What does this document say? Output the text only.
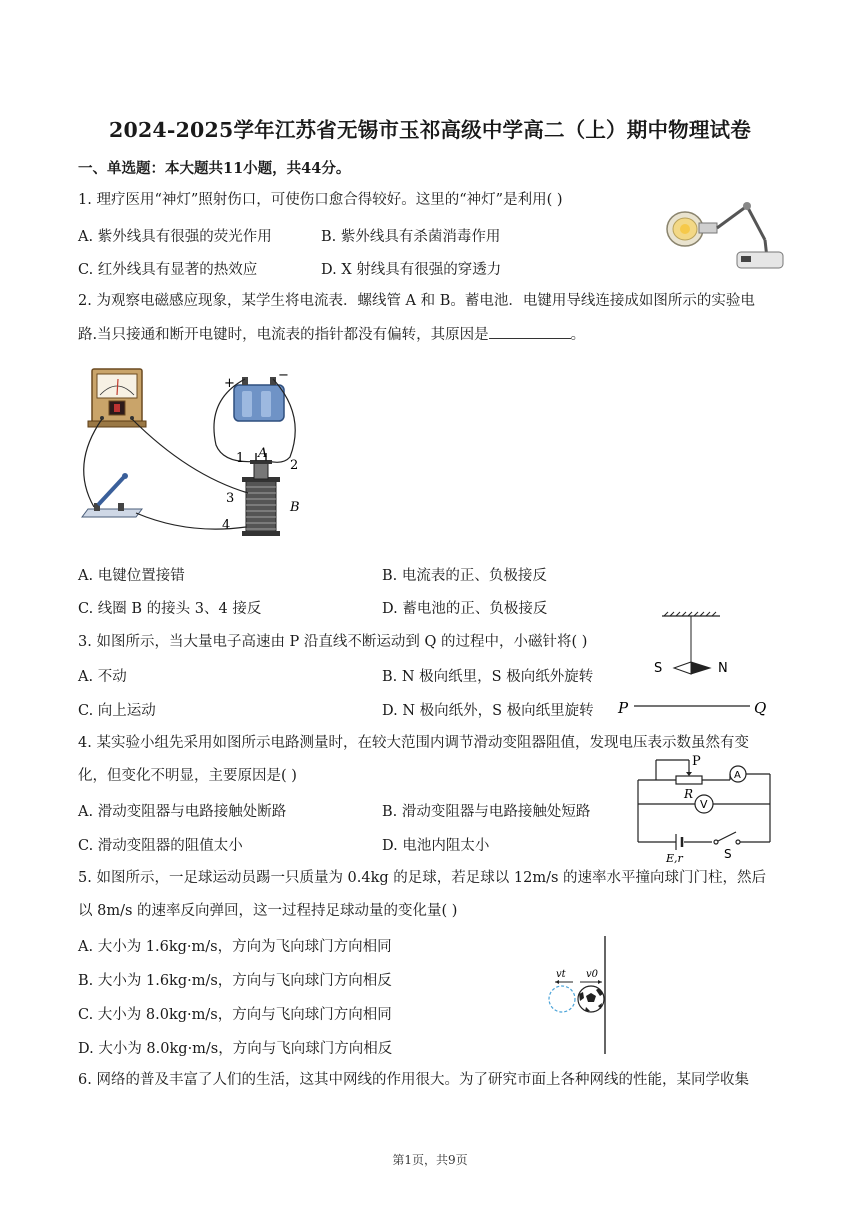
2024-2025学年江苏省无锡市玉祁高级中学高二（上）期中物理试卷
一、单选题：本大题共11小题，共44分。
1. 理疗医用“神灯”照射伤口，可使伤口愈合得较好。这里的“神灯”是利用( )
A. 紫外线具有很强的荧光作用	B. 紫外线具有杀菌消毒作用
C. 红外线具有显著的热效应	D. X 射线具有很强的穿透力
2. 为观察电磁感应现象，某学生将电流表．螺线管 A 和 B。蓄电池．电键用导线连接成如图所示的实验电
路.当只接通和断开电键时，电流表的指针都没有偏转，其原因是	。
+
−
1 A
2
3
B
4
A. 电键位置接错	B. 电流表的正、负极接反
C. 线圈 B 的接头 3、4 接反	D. 蓄电池的正、负极接反
3. 如图所示，当大量电子高速由 P 沿直线不断运动到 Q 的过程中，小磁针将( )
A. 不动	B. N 极向纸里，S 极向纸外旋转
C. 向上运动	D. N 极向纸外，S 极向纸里旋转
S	N
P	Q
4. 某实验小组先采用如图所示电路测量时，在较大范围内调节滑动变阻器阻值，发现电压表示数虽然有变
化，但变化不明显，主要原因是( )
A. 滑动变阻器与电路接触处断路	B. 滑动变阻器与电路接触处短路
C. 滑动变阻器的阻值太小	D. 电池内阻太小
P
R
A
V
E,r	S
5. 如图所示，一足球运动员踢一只质量为 0.4kg 的足球，若足球以 12m/s 的速率水平撞向球门门柱，然后
以 8m/s 的速率反向弹回，这一过程持足球动量的变化量( )
A. 大小为 1.6kg·m/s，方向为飞向球门方向相同
B. 大小为 1.6kg·m/s，方向与飞向球门方向相反
C. 大小为 8.0kg·m/s，方向与飞向球门方向相同
D. 大小为 8.0kg·m/s，方向与飞向球门方向相反
vt v0
6. 网络的普及丰富了人们的生活，这其中网线的作用很大。为了研究市面上各种网线的性能，某同学收集
第1页，共9页
